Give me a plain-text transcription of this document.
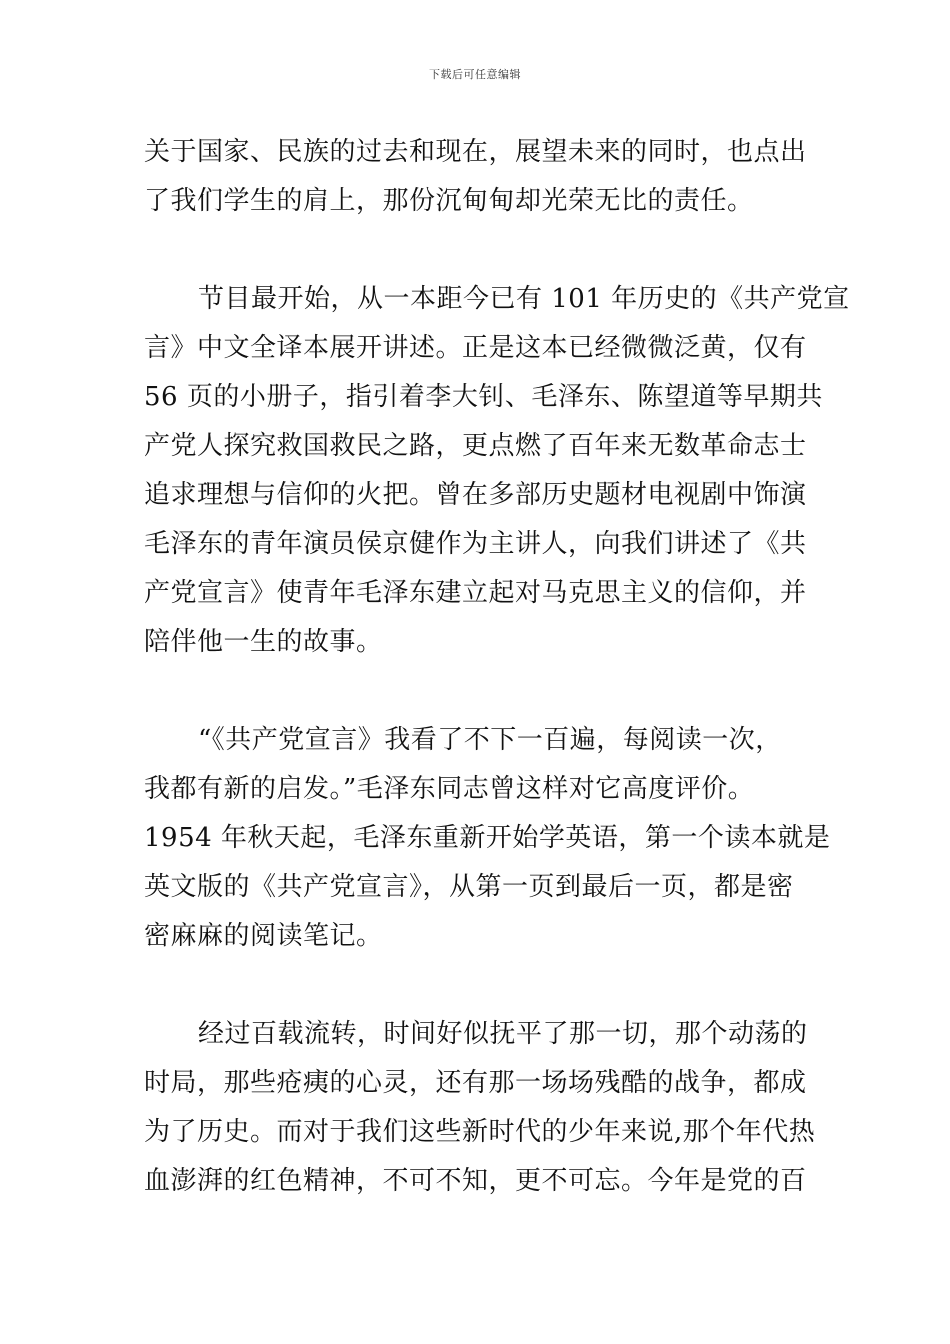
下载后可任意编辑
关于国家、民族的过去和现在，展望未来的同时，也点出
了我们学生的肩上，那份沉甸甸却光荣无比的责任。
节目最开始，从一本距今已有 101 年历史的《共产党宣
言》中文全译本展开讲述。正是这本已经微微泛黄，仅有
56 页的小册子，指引着李大钊、毛泽东、陈望道等早期共
产党人探究救国救民之路，更点燃了百年来无数革命志士
追求理想与信仰的火把。曾在多部历史题材电视剧中饰演
毛泽东的青年演员侯京健作为主讲人，向我们讲述了《共
产党宣言》使青年毛泽东建立起对马克思主义的信仰，并
陪伴他一生的故事。
“《共产党宣言》我看了不下一百遍，每阅读一次，
我都有新的启发。”毛泽东同志曾这样对它高度评价。
1954 年秋天起，毛泽东重新开始学英语，第一个读本就是
英文版的《共产党宣言》，从第一页到最后一页，都是密
密麻麻的阅读笔记。
经过百载流转，时间好似抚平了那一切，那个动荡的
时局，那些疮痍的心灵，还有那一场场残酷的战争，都成
为了历史。而对于我们这些新时代的少年来说,那个年代热
血澎湃的红色精神，不可不知，更不可忘。今年是党的百
